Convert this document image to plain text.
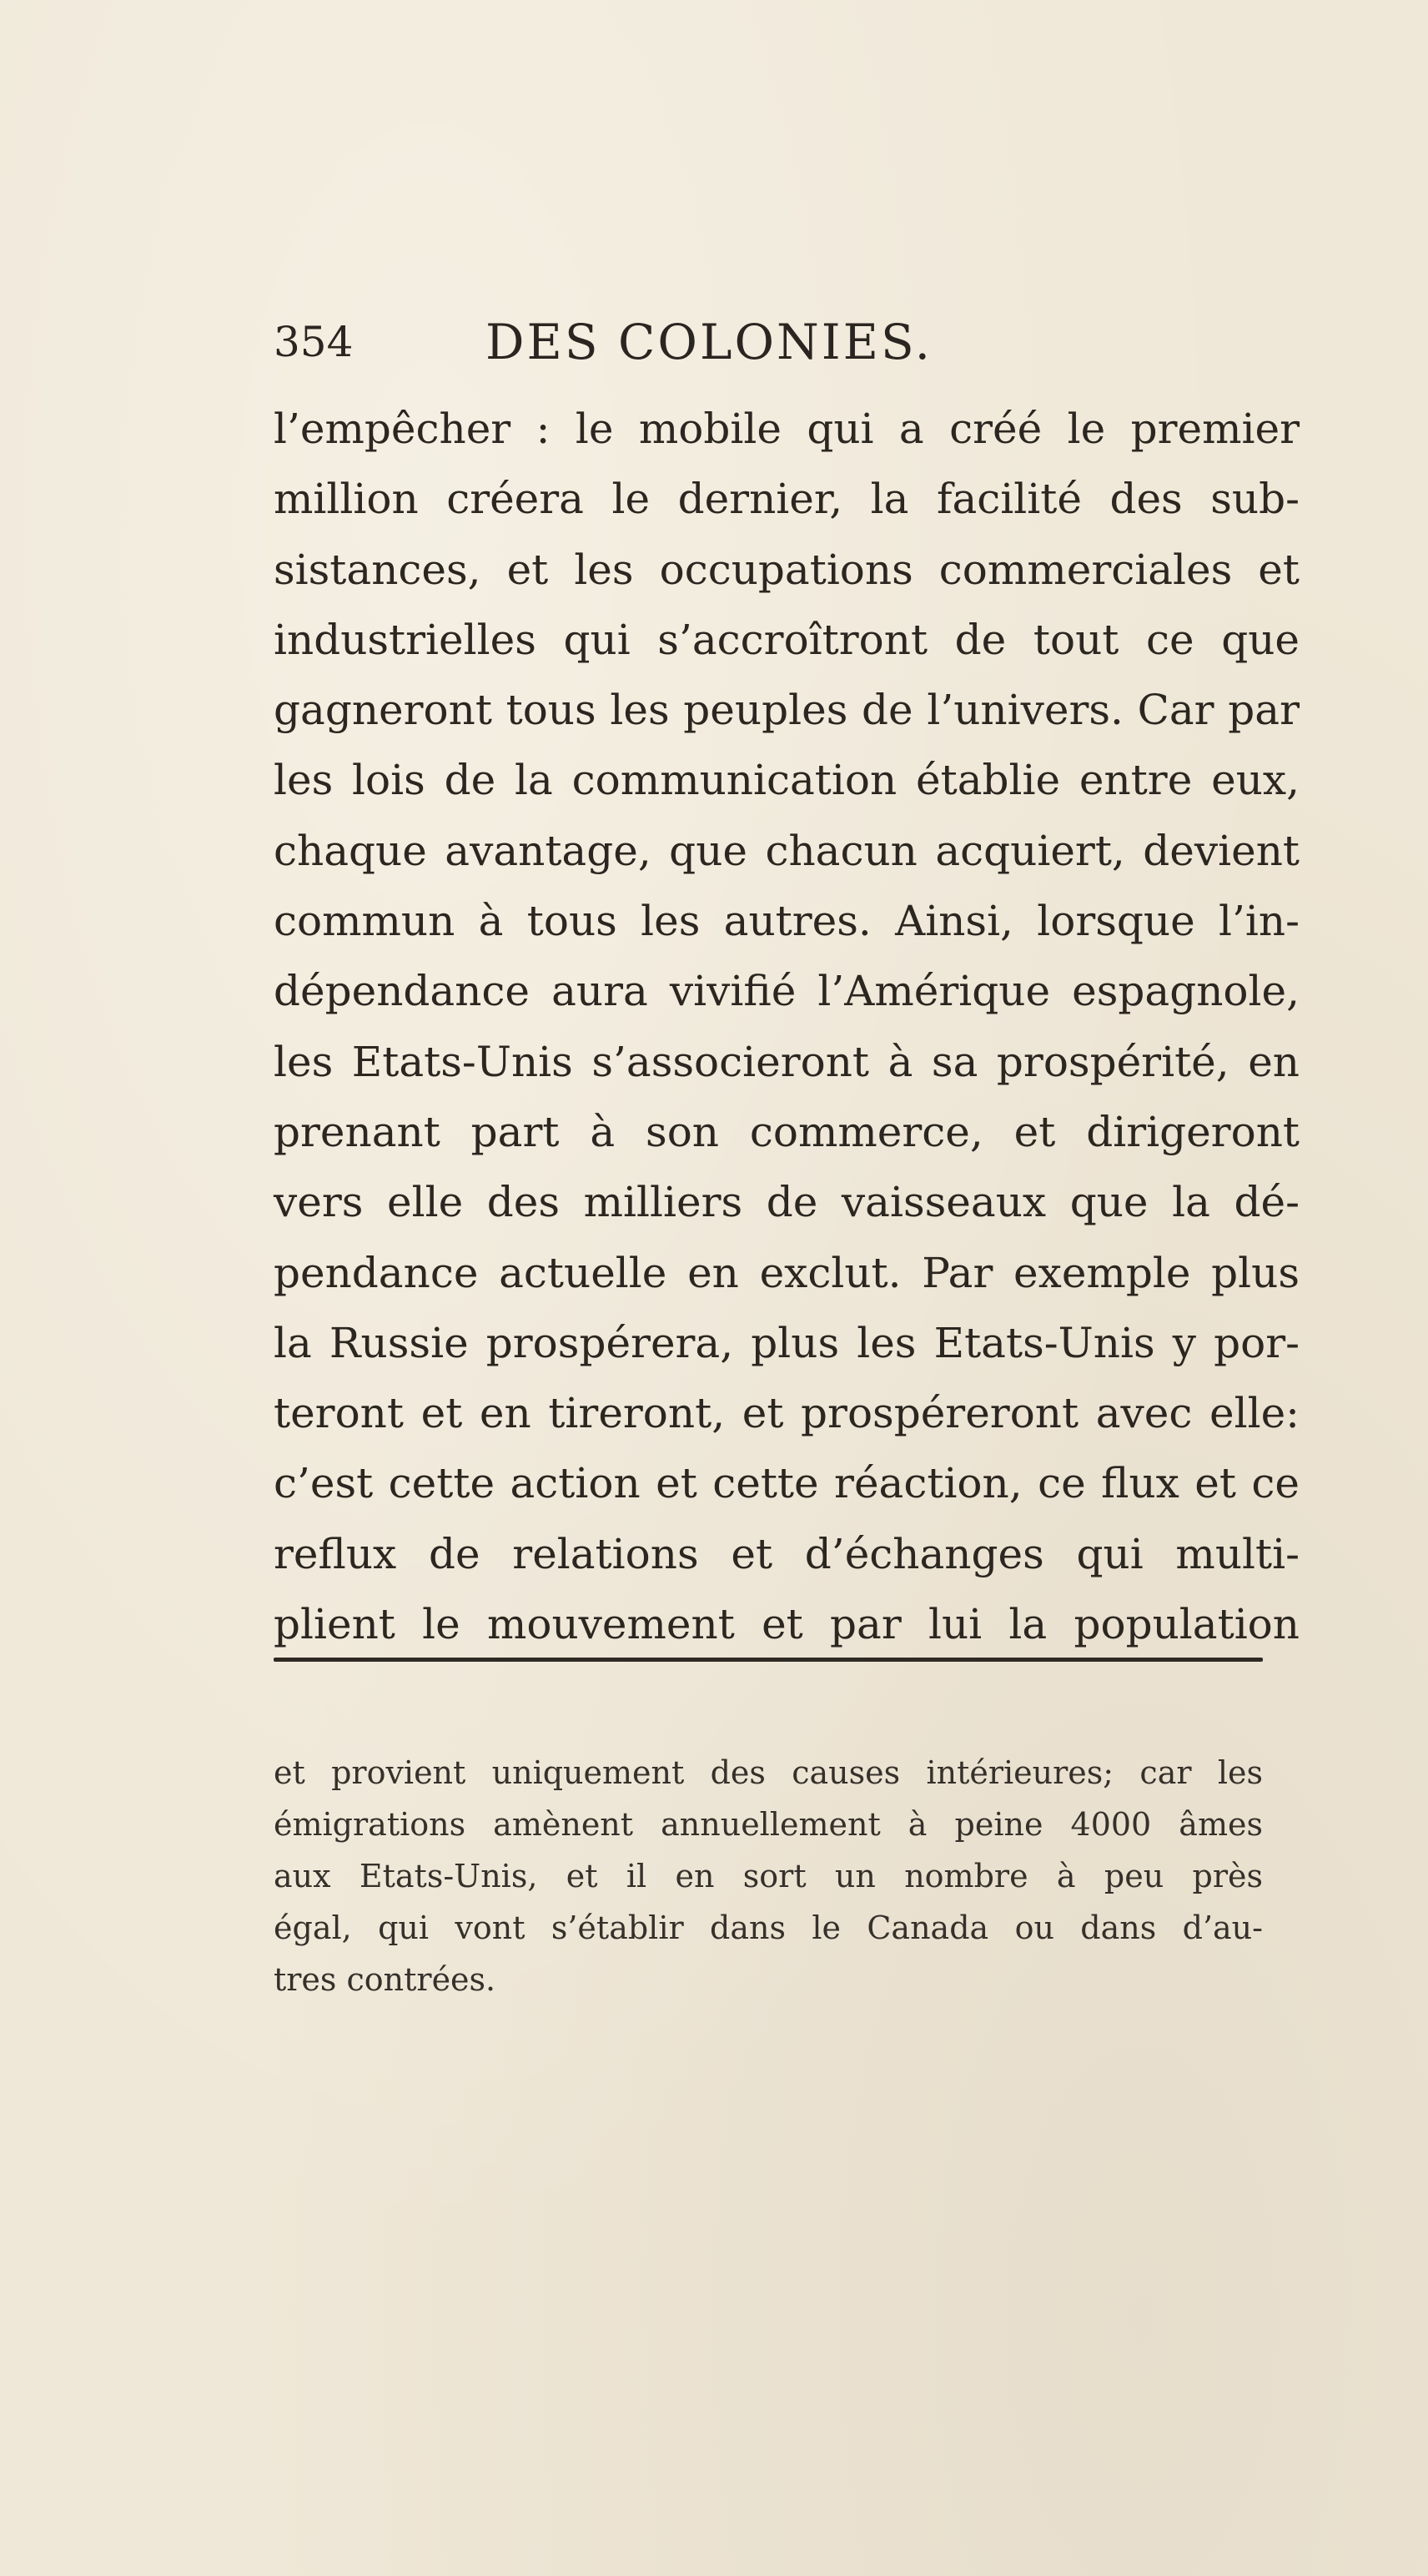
354	DES COLONIES.
l’empêcher : le mobile qui a créé le premier
million créera le dernier, la facilité des sub-
sistances, et les occupations commerciales et
industrielles qui s’accroîtront de tout ce que
gagneront tous les peuples de l’univers. Car par
les lois de la communication établie entre eux,
chaque avantage, que chacun acquiert, devient
commun à tous les autres. Ainsi, lorsque l’in-
dépendance aura vivifié l’Amérique espagnole,
les Etats-Unis s’associeront à sa prospérité, en
prenant part à son commerce, et dirigeront
vers elle des milliers de vaisseaux que la dé-
pendance actuelle en exclut. Par exemple plus
la Russie prospérera, plus les Etats-Unis y por-
teront et en tireront, et prospéreront avec elle:
c’est cette action et cette réaction, ce flux et ce
reflux de relations et d’échanges qui multi-
plient le mouvement et par lui la population
et provient uniquement des causes intérieures; car les
émigrations amènent annuellement à peine 4000 âmes
aux Etats-Unis, et il en sort un nombre à peu près
égal, qui vont s’établir dans le Canada ou dans d’au-
tres contrées.
